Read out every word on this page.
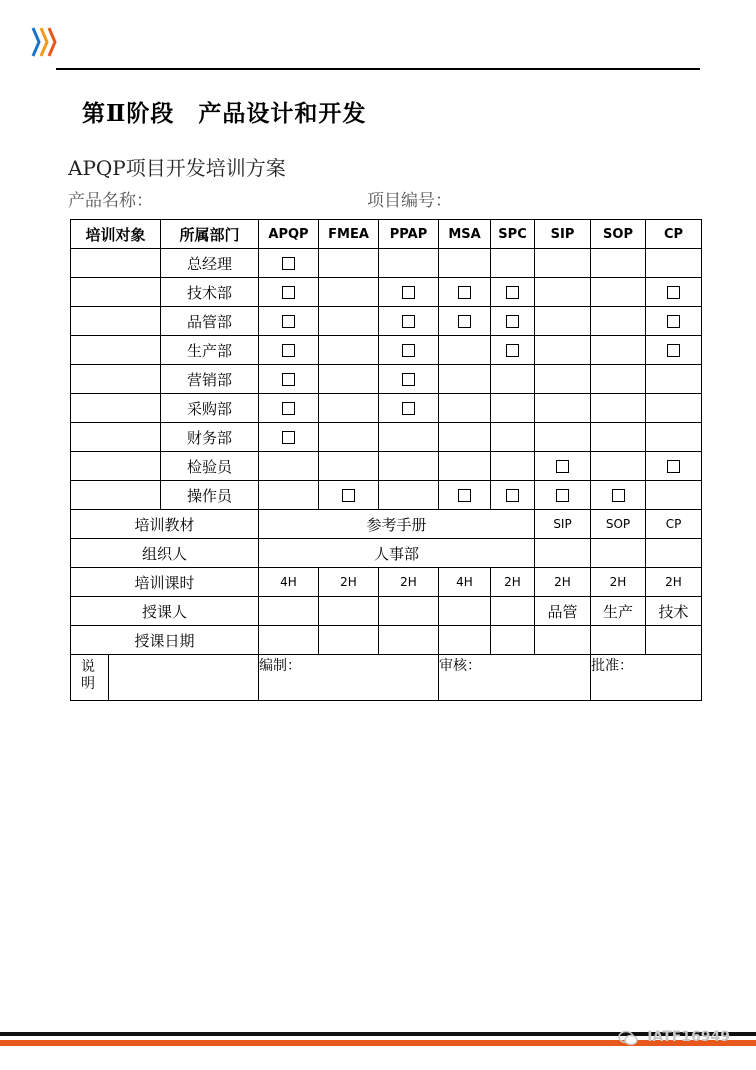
第Ⅱ阶段　产品设计和开发
APQP项目开发培训方案
产品名称：	项目编号：
培训对象		所属部门	APQP	FMEA	PPAP	MSA	SPC	SIP	SOP	CP
		总经理								
		技术部								
		品管部								
		生产部								
		营销部								
		采购部								
		财务部								
		检验员								
		操作员								
培训教材			参考手册					SIP	SOP	CP
组织人			人事部							
培训课时			4H	2H	2H	4H	2H	2H	2H	2H
授课人								品管	生产	技术
授课日期										

说明			编制：			审核：			批准：	
IATF16949
